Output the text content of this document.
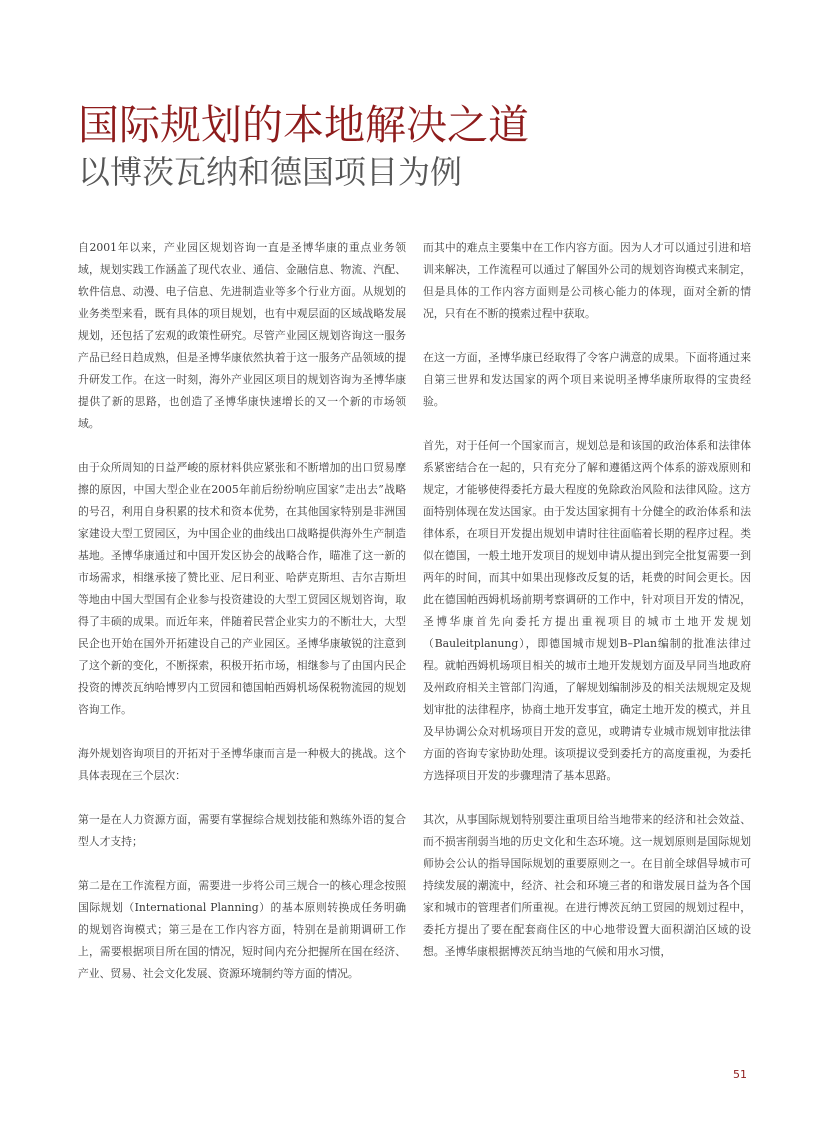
国际规划的本地解决之道
以博茨瓦纳和德国项目为例

自2001年以来，产业园区规划咨询一直是圣博华康的重点业务领域，规划实践工作涵盖了现代农业、通信、金融信息、物流、汽配、软件信息、动漫、电子信息、先进制造业等多个行业方面。从规划的业务类型来看，既有具体的项目规划，也有中观层面的区域战略发展规划，还包括了宏观的政策性研究。尽管产业园区规划咨询这一服务产品已经日趋成熟，但是圣博华康依然执着于这一服务产品领域的提升研发工作。在这一时刻，海外产业园区项目的规划咨询为圣博华康提供了新的思路，也创造了圣博华康快速增长的又一个新的市场领域。

由于众所周知的日益严峻的原材料供应紧张和不断增加的出口贸易摩擦的原因，中国大型企业在2005年前后纷纷响应国家“走出去”战略的号召，利用自身积累的技术和资本优势，在其他国家特别是非洲国家建设大型工贸园区，为中国企业的曲线出口战略提供海外生产制造基地。圣博华康通过和中国开发区协会的战略合作，瞄准了这一新的市场需求，相继承接了赞比亚、尼日利亚、哈萨克斯坦、吉尔吉斯坦等地由中国大型国有企业参与投资建设的大型工贸园区规划咨询，取得了丰硕的成果。而近年来，伴随着民营企业实力的不断壮大，大型民企也开始在国外开拓建设自己的产业园区。圣博华康敏锐的注意到了这个新的变化，不断探索，积极开拓市场，相继参与了由国内民企投资的博茨瓦纳哈博罗内工贸园和德国帕西姆机场保税物流园的规划咨询工作。

海外规划咨询项目的开拓对于圣博华康而言是一种极大的挑战。这个具体表现在三个层次：

第一是在人力资源方面，需要有掌握综合规划技能和熟练外语的复合型人才支持；

第二是在工作流程方面，需要进一步将公司三规合一的核心理念按照国际规划（International Planning）的基本原则转换成任务明确的规划咨询模式；第三是在工作内容方面，特别在是前期调研工作上，需要根据项目所在国的情况，短时间内充分把握所在国在经济、产业、贸易、社会文化发展、资源环境制约等方面的情况。

而其中的难点主要集中在工作内容方面。因为人才可以通过引进和培训来解决，工作流程可以通过了解国外公司的规划咨询模式来制定，但是具体的工作内容方面则是公司核心能力的体现，面对全新的情况，只有在不断的摸索过程中获取。

在这一方面，圣博华康已经取得了令客户满意的成果。下面将通过来自第三世界和发达国家的两个项目来说明圣博华康所取得的宝贵经验。

首先，对于任何一个国家而言，规划总是和该国的政治体系和法律体系紧密结合在一起的，只有充分了解和遵循这两个体系的游戏原则和规定，才能够使得委托方最大程度的免除政治风险和法律风险。这方面特别体现在发达国家。由于发达国家拥有十分健全的政治体系和法律体系，在项目开发提出规划申请时往往面临着长期的程序过程。类似在德国，一般土地开发项目的规划申请从提出到完全批复需要一到两年的时间，而其中如果出现修改反复的话，耗费的时间会更长。因此在德国帕西姆机场前期考察调研的工作中，针对项目开发的情况，圣博华康首先向委托方提出重视项目的城市土地开发规划（Bauleitplanung），即德国城市规划B–Plan编制的批准法律过程。就帕西姆机场项目相关的城市土地开发规划方面及早同当地政府及州政府相关主管部门沟通，了解规划编制涉及的相关法规规定及规划审批的法律程序，协商土地开发事宜，确定土地开发的模式，并且及早协调公众对机场项目开发的意见，或聘请专业城市规划审批法律方面的咨询专家协助处理。该项提议受到委托方的高度重视，为委托方选择项目开发的步骤理清了基本思路。

其次，从事国际规划特别要注重项目给当地带来的经济和社会效益、而不损害削弱当地的历史文化和生态环境。这一规划原则是国际规划师协会公认的指导国际规划的重要原则之一。在目前全球倡导城市可持续发展的潮流中，经济、社会和环境三者的和谐发展日益为各个国家和城市的管理者们所重视。在进行博茨瓦纳工贸园的规划过程中，委托方提出了要在配套商住区的中心地带设置大面积湖泊区域的设想。圣博华康根据博茨瓦纳当地的气候和用水习惯，

51
